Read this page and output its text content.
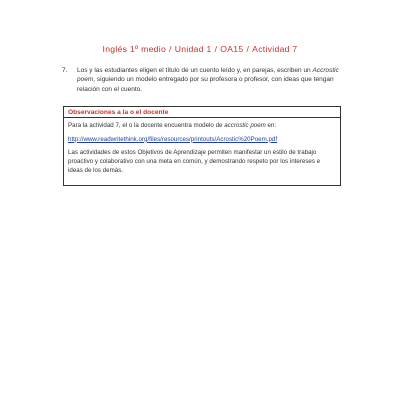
Inglés 1º medio / Unidad 1 / OA15 / Actividad 7
7. Los y las estudiantes eligen el título de un cuento leído y, en parejas, escriben un Accrostic poem, siguiendo un modelo entregado por su profesora o profesor, con ideas que tengan relación con el cuento.
Observaciones a la o el docente

Para la actividad 7, el o la docente encuentra modelo de accrostic poem en:

http://www.readwritethink.org/files/resources/printouts/Acrostic%20Poem.pdf

Las actividades de estos Objetivos de Aprendizaje permiten manifestar un estilo de trabajo proactivo y colaborativo con una meta en común, y demostrando respeto por los intereses e ideas de los demás.
